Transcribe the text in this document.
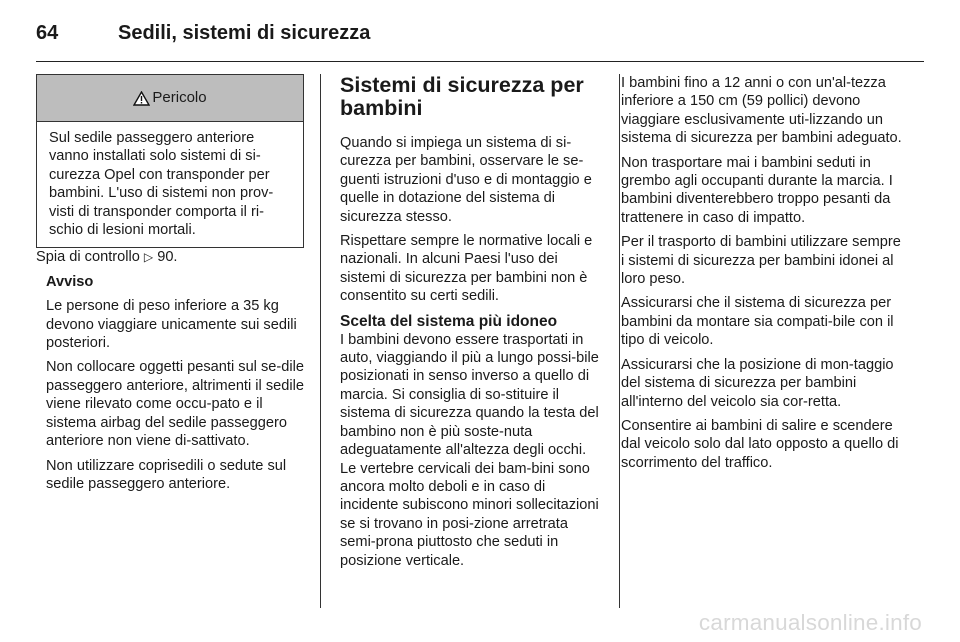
64	Sedili, sistemi di sicurezza
Pericolo

Sul sedile passeggero anteriore vanno installati solo sistemi di si-curezza Opel con transponder per bambini. L'uso di sistemi non prov-visti di transponder comporta il ri-schio di lesioni mortali.

Spia di controllo ▷ 90.

Avviso

Le persone di peso inferiore a 35 kg devono viaggiare unicamente sui sedili posteriori.

Non collocare oggetti pesanti sul se-dile passeggero anteriore, altrimenti il sedile viene rilevato come occu-pato e il sistema airbag del sedile passeggero anteriore non viene di-sattivato.

Non utilizzare coprisedili o sedute sul sedile passeggero anteriore.

Sistemi di sicurezza per bambini

Quando si impiega un sistema di si-curezza per bambini, osservare le se-guenti istruzioni d'uso e di montaggio e quelle in dotazione del sistema di sicurezza stesso.

Rispettare sempre le normative locali e nazionali. In alcuni Paesi l'uso dei sistemi di sicurezza per bambini non è consentito su certi sedili.

Scelta del sistema più idoneo

I bambini devono essere trasportati in auto, viaggiando il più a lungo possi-bile posizionati in senso inverso a quello di marcia. Si consiglia di so-stituire il sistema di sicurezza quando la testa del bambino non è più soste-nuta adeguatamente all'altezza degli occhi. Le vertebre cervicali dei bam-bini sono ancora molto deboli e in caso di incidente subiscono minori sollecitazioni se si trovano in posi-zione arretrata semi-prona piuttosto che seduti in posizione verticale.

I bambini fino a 12 anni o con un'al-tezza inferiore a 150 cm (59 pollici) devono viaggiare esclusivamente uti-lizzando un sistema di sicurezza per bambini adeguato.

Non trasportare mai i bambini seduti in grembo agli occupanti durante la marcia. I bambini diventerebbero troppo pesanti da trattenere in caso di impatto.

Per il trasporto di bambini utilizzare sempre i sistemi di sicurezza per bambini idonei al loro peso.

Assicurarsi che il sistema di sicurezza per bambini da montare sia compati-bile con il tipo di veicolo.

Assicurarsi che la posizione di mon-taggio del sistema di sicurezza per bambini all'interno del veicolo sia cor-retta.

Consentire ai bambini di salire e scendere dal veicolo solo dal lato opposto a quello di scorrimento del traffico.

carmanualsonline.info
